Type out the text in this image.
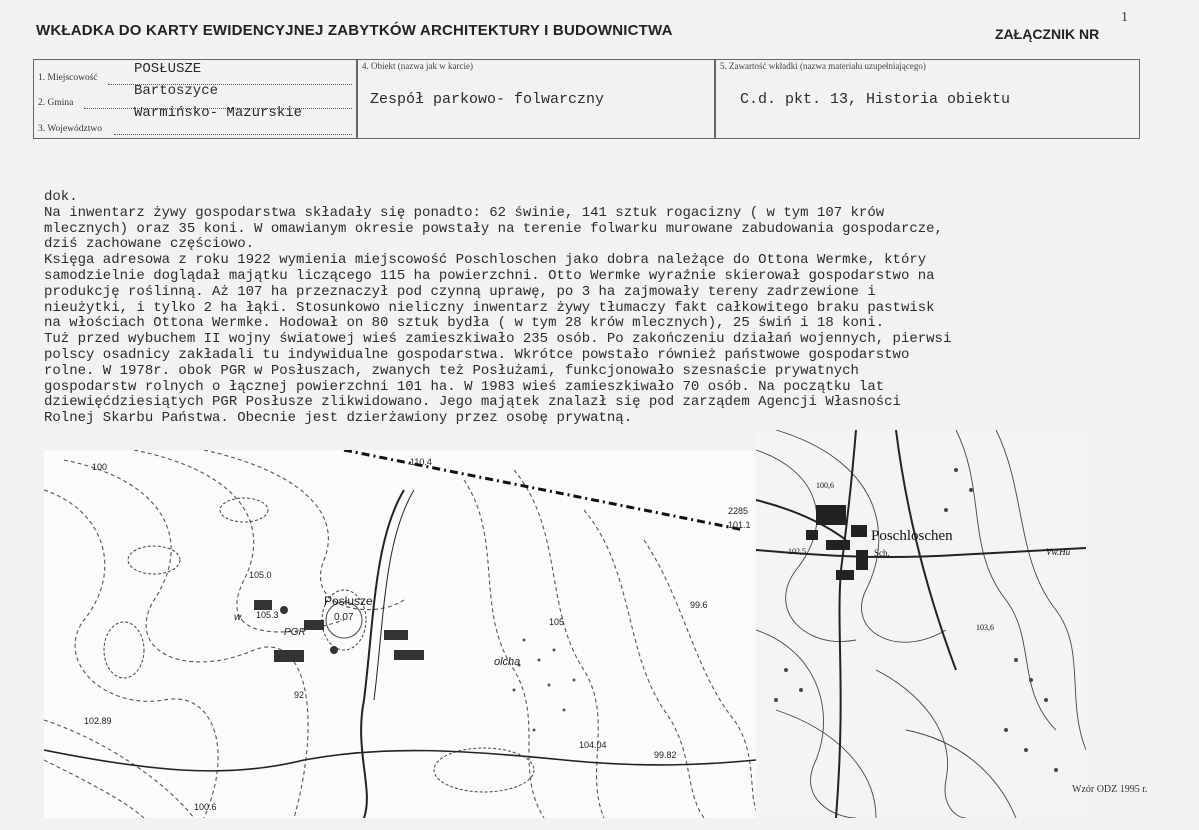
WKŁADKA DO KARTY EWIDENCYJNEJ ZABYTKÓW ARCHITEKTURY I BUDOWNICTWA	ZAŁĄCZNIK NR
1
1. Miejscowość
POSŁUSZE
2. Gmina
Bartoszyce
3. Województwo
Warmińsko- Mazurskie
4. Obiekt (nazwa jak w karcie)
Zespół parkowo- folwarczny
5. Zawartość wkładki (nazwa materiału uzupełniającego)
C.d. pkt. 13, Historia obiektu
dok.
Na inwentarz żywy gospodarstwa składały się ponadto: 62 świnie, 141 sztuk rogacizny ( w tym 107 krów
mlecznych) oraz 35 koni. W omawianym okresie powstały na terenie folwarku murowane zabudowania gospodarcze,
dziś zachowane częściowo.
Księga adresowa z roku 1922 wymienia miejscowość Poschloschen jako dobra należące do Ottona Wermke, który
samodzielnie doglądał majątku liczącego 115 ha powierzchni. Otto Wermke wyraźnie skierował gospodarstwo na
produkcję roślinną. Aż 107 ha przeznaczył pod czynną uprawę, po 3 ha zajmowały tereny zadrzewione i
nieużytki, i tylko 2 ha łąki. Stosunkowo nieliczny inwentarz żywy tłumaczy fakt całkowitego braku pastwisk
na włościach Ottona Wermke. Hodował on 80 sztuk bydła ( w tym 28 krów mlecznych), 25 świń i 18 koni.
Tuż przed wybuchem II wojny światowej wieś zamieszkiwało 235 osób. Po zakończeniu działań wojennych, pierwsi
polscy osadnicy zakładali tu indywidualne gospodarstwa. Wkrótce powstało również państwowe gospodarstwo
rolne. W 1978r. obok PGR w Posłuszach, zwanych też Posłużami, funkcjonowało szesnaście prywatnych
gospodarstw rolnych o łącznej powierzchni 101 ha. W 1983 wieś zamieszkiwało 70 osób. Na początku lat
dziewięćdziesiątych PGR Posłusze zlikwidowano. Jego majątek znalazł się pod zarządem Agencji Własności
Rolnej Skarbu Państwa. Obecnie jest dzierżawiony przez osobę prywatną.
Posłusze
0.07
PGR
w.
olcha
110.4
2285
101.1
105.0
105.3
105
99.6
100
102.89
104.04
99.82
92
100.6
Poschloschen
Sch.	Vw.Hu
102,5
103,6
100,6
Wzór ODZ 1995 r.
